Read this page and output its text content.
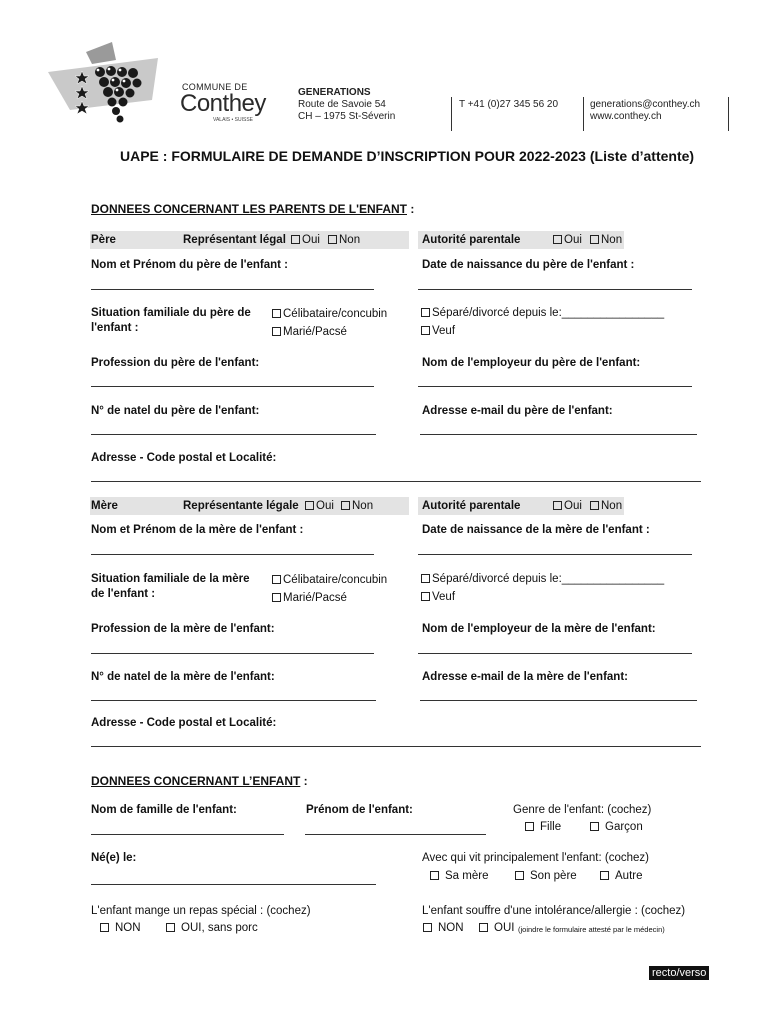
COMMUNE DE
Conthey
VALAIS • SUISSE
GENERATIONS
Route de Savoie 54
CH – 1975 St-Séverin
T +41 (0)27 345 56 20	generations@conthey.ch
www.conthey.ch
UAPE : FORMULAIRE DE DEMANDE D’INSCRIPTION POUR 2022-2023 (Liste d’attente)
DONNEES CONCERNANT LES PARENTS DE L'ENFANT :
Père	Représentant légal	Oui	Non	Autorité parentale	Oui	Non
Nom et Prénom du père de l'enfant :	Date de naissance du père de l'enfant :
Situation familiale du père de
l'enfant :
Célibataire/concubin
Marié/Pacsé
Séparé/divorcé depuis le:________________
Veuf
Profession du père de l'enfant:	Nom de l'employeur du père de l'enfant:
N° de natel du père de l'enfant:	Adresse e-mail du père de l'enfant:
Adresse - Code postal et Localité:
Mère	Représentante légale	Oui	Non	Autorité parentale	Oui	Non
Nom et Prénom de la mère de l'enfant :	Date de naissance de la mère de l'enfant :
Situation familiale de la mère
de l'enfant :
Célibataire/concubin
Marié/Pacsé
Séparé/divorcé depuis le:________________
Veuf
Profession de la mère de l'enfant:	Nom de l'employeur de la mère de l'enfant:
N° de natel de la mère de l'enfant:	Adresse e-mail de la mère de l'enfant:
Adresse - Code postal et Localité:
DONNEES CONCERNANT L’ENFANT :
Nom de famille de l'enfant:	Prénom de l'enfant:	Genre de l'enfant: (cochez)
Fille	Garçon
Né(e) le:	Avec qui vit principalement l'enfant: (cochez)
Sa mère	Son père	Autre
L'enfant mange un repas spécial : (cochez)
NON	OUI, sans porc
L'enfant souffre d'une intolérance/allergie : (cochez)
NON	OUI (joindre le formulaire attesté par le médecin)
recto/verso
